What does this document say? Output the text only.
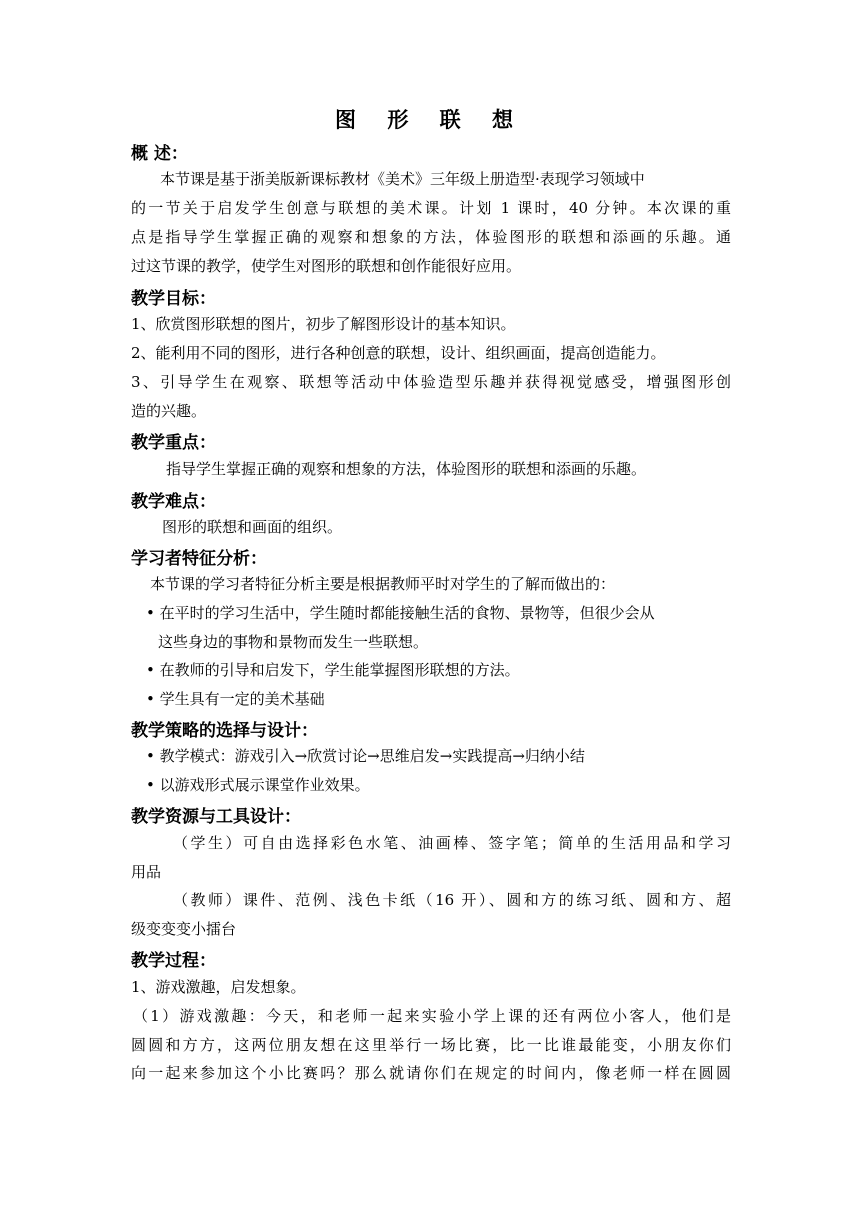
图 形 联 想
概 述：
本节课是基于浙美版新课标教材《美术》三年级上册造型·表现学习领域中
的一节关于启发学生创意与联想的美术课。计划 1 课时，40 分钟。本次课的重
点是指导学生掌握正确的观察和想象的方法，体验图形的联想和添画的乐趣。通
过这节课的教学，使学生对图形的联想和创作能很好应用。
教学目标：
1、欣赏图形联想的图片，初步了解图形设计的基本知识。
2、能利用不同的图形，进行各种创意的联想，设计、组织画面，提高创造能力。
3、引导学生在观察、联想等活动中体验造型乐趣并获得视觉感受，增强图形创
造的兴趣。
教学重点：
指导学生掌握正确的观察和想象的方法，体验图形的联想和添画的乐趣。
教学难点：
图形的联想和画面的组织。
学习者特征分析：
本节课的学习者特征分析主要是根据教师平时对学生的了解而做出的：
• 在平时的学习生活中，学生随时都能接触生活的食物、景物等，但很少会从
这些身边的事物和景物而发生一些联想。
• 在教师的引导和启发下，学生能掌握图形联想的方法。
• 学生具有一定的美术基础
教学策略的选择与设计：
• 教学模式：游戏引入→欣赏讨论→思维启发→实践提高→归纳小结
• 以游戏形式展示课堂作业效果。
教学资源与工具设计：
（学生）可自由选择彩色水笔、油画棒、签字笔；简单的生活用品和学习
用品
（教师）课件、范例、浅色卡纸（16 开）、圆和方的练习纸、圆和方、超
级变变变小擂台
教学过程：
1、游戏激趣，启发想象。
（1）游戏激趣：今天，和老师一起来实验小学上课的还有两位小客人，他们是
圆圆和方方，这两位朋友想在这里举行一场比赛，比一比谁最能变，小朋友你们
向一起来参加这个小比赛吗？那么就请你们在规定的时间内，像老师一样在圆圆
